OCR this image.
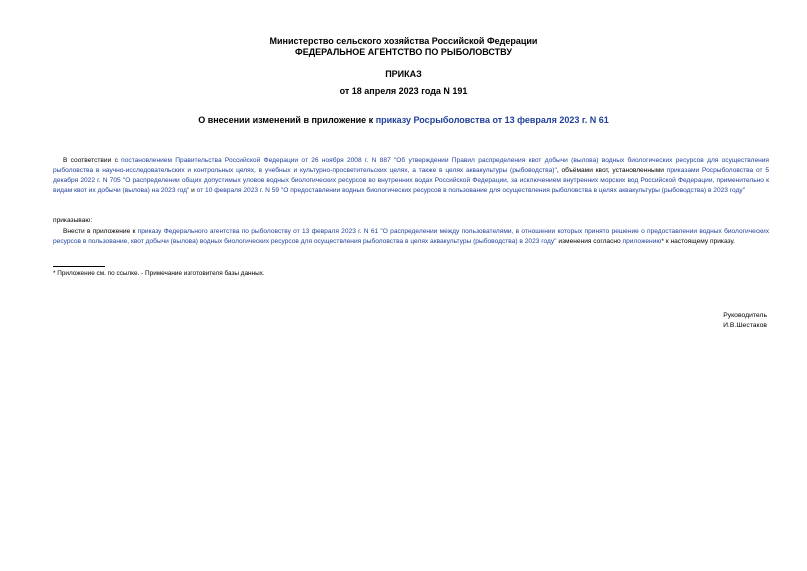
Министерство сельского хозяйства Российской Федерации
ФЕДЕРАЛЬНОЕ АГЕНТСТВО ПО РЫБОЛОВСТВУ
ПРИКАЗ
от 18 апреля 2023 года N 191
О внесении изменений в приложение к приказу Росрыболовства от 13 февраля 2023 г. N 61
В соответствии с постановлением Правительства Российской Федерации от 26 ноября 2008 г. N 887 "Об утверждении Правил распределения квот добычи (вылова) водных биологических ресурсов для осуществления рыболовства в научно-исследовательских и контрольных целях, в учебных и культурно-просветительских целях, а также в целях аквакультуры (рыбоводства)", объёмами квот, установленными приказами Росрыболовства от 5 декабря 2022 г. N 705 "О распределении общих допустимых уловов водных биологических ресурсов во внутренних водах Российской Федерации, за исключением внутренних морских вод Российской Федерации, применительно к видам квот их добычи (вылова) на 2023 год" и от 10 февраля 2023 г. N 59 "О предоставлении водных биологических ресурсов в пользование для осуществления рыболовства в целях аквакультуры (рыбоводства) в 2023 году"
приказываю:
Внести в приложение к приказу Федерального агентства по рыболовству от 13 февраля 2023 г. N 61 "О распределении между пользователями, в отношении которых принято решение о предоставлении водных биологических ресурсов в пользование, квот добычи (вылова) водных биологических ресурсов для осуществления рыболовства в целях аквакультуры (рыбоводства) в 2023 году" изменения согласно приложению* к настоящему приказу.
* Приложение см. по ссылке. - Примечание изготовителя базы данных.
Руководитель
И.В.Шестаков
